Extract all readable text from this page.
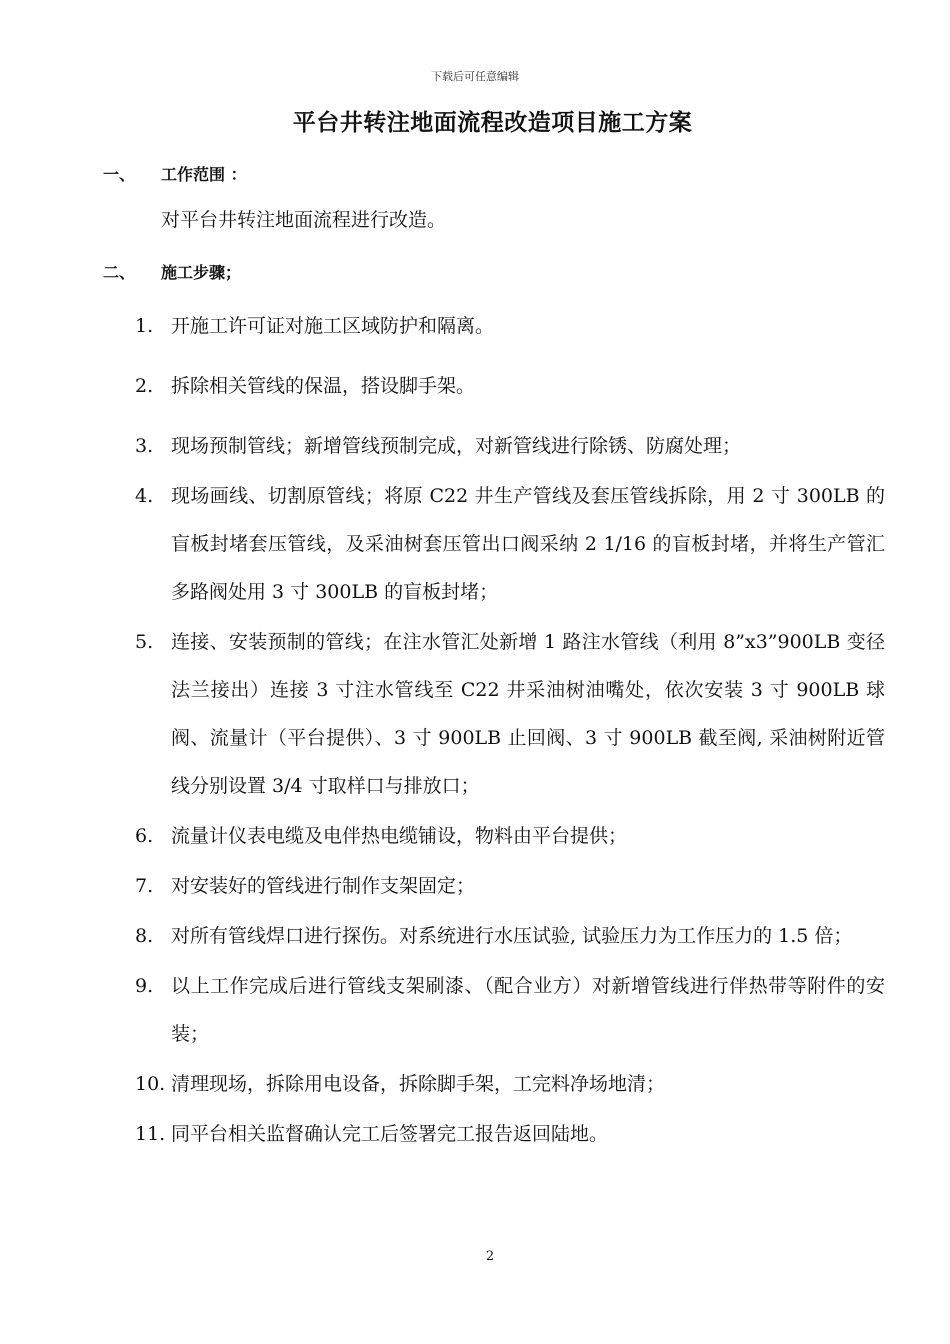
下载后可任意编辑
平台井转注地面流程改造项目施工方案
一、 工作范围 ：
对平台井转注地面流程进行改造。
二、 施工步骤；
1. 开施工许可证对施工区域防护和隔离。
2. 拆除相关管线的保温，搭设脚手架。
3. 现场预制管线；新增管线预制完成，对新管线进行除锈、防腐处理；
4. 现场画线、切割原管线；将原 C22 井生产管线及套压管线拆除，用 2 寸 300LB 的盲板封堵套压管线，及采油树套压管出口阀采纳 2 1/16 的盲板封堵，并将生产管汇多路阀处用 3 寸 300LB 的盲板封堵；
5. 连接、安装预制的管线；在注水管汇处新增 1 路注水管线（利用 8”x3”900LB 变径法兰接出）连接 3 寸注水管线至 C22 井采油树油嘴处，依次安装 3 寸 900LB 球阀、流量计（平台提供）、3 寸 900LB 止回阀、3 寸 900LB 截至阀, 采油树附近管线分别设置 3/4 寸取样口与排放口；
6. 流量计仪表电缆及电伴热电缆铺设，物料由平台提供；
7. 对安装好的管线进行制作支架固定；
8. 对所有管线焊口进行探伤。对系统进行水压试验, 试验压力为工作压力的 1.5 倍；
9. 以上工作完成后进行管线支架刷漆、（配合业方）对新增管线进行伴热带等附件的安装；
10. 清理现场，拆除用电设备，拆除脚手架，工完料净场地清；
11. 同平台相关监督确认完工后签署完工报告返回陆地。
2
